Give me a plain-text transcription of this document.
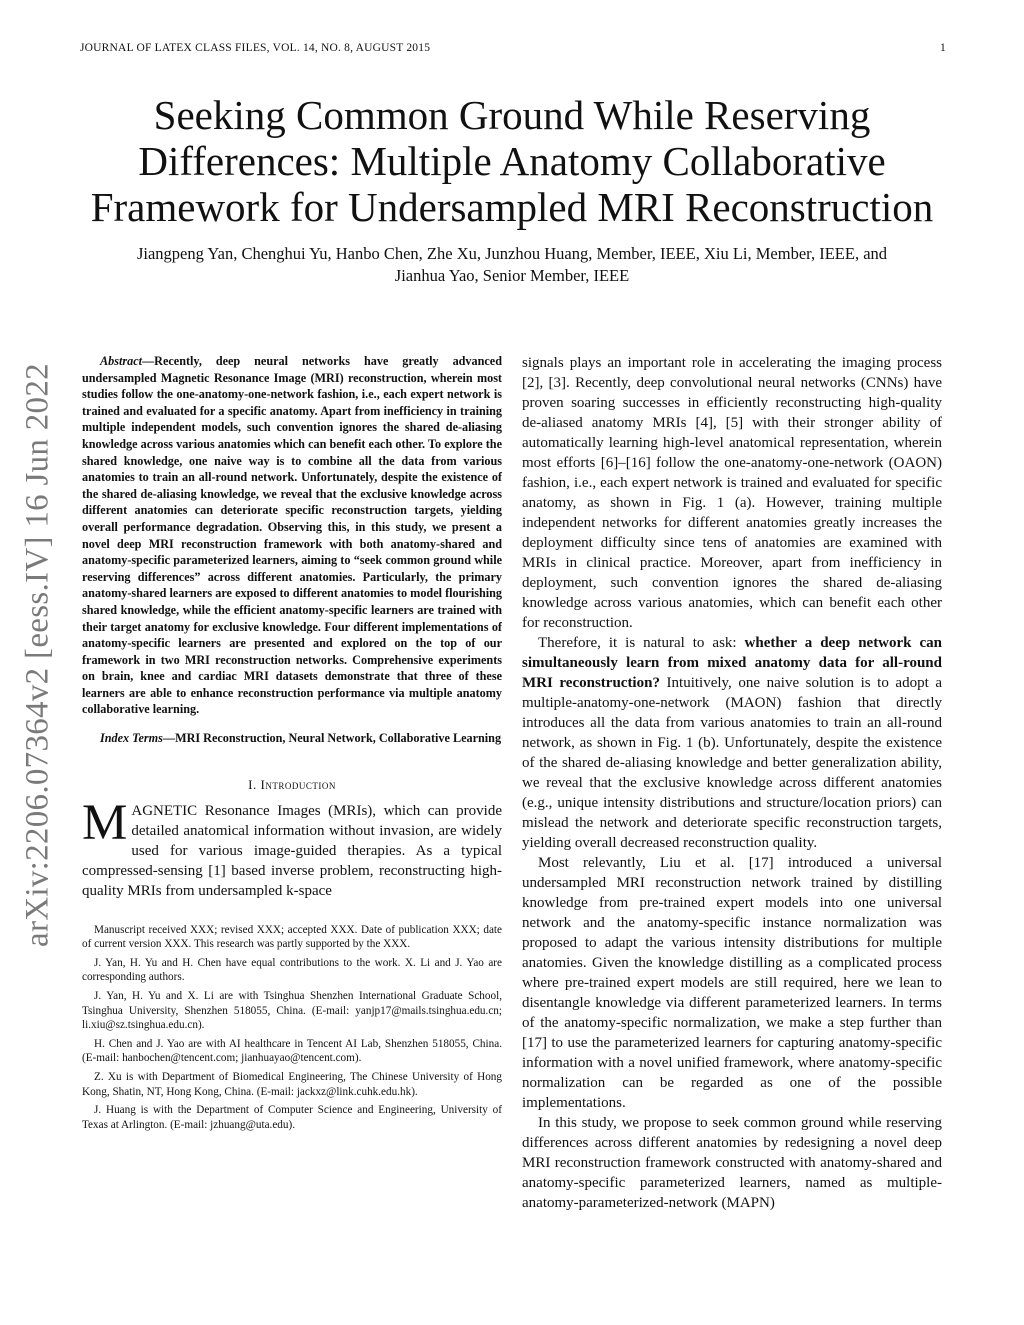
JOURNAL OF LATEX CLASS FILES, VOL. 14, NO. 8, AUGUST 2015	1
Seeking Common Ground While Reserving
Differences: Multiple Anatomy Collaborative
Framework for Undersampled MRI Reconstruction
Jiangpeng Yan, Chenghui Yu, Hanbo Chen, Zhe Xu, Junzhou Huang, Member, IEEE, Xiu Li, Member, IEEE, and
Jianhua Yao, Senior Member, IEEE
arXiv:2206.07364v2 [eess.IV] 16 Jun 2022

Abstract—Recently, deep neural networks have greatly advanced undersampled Magnetic Resonance Image (MRI) reconstruction, wherein most studies follow the one-anatomy-one-network fashion, i.e., each expert network is trained and evaluated for a specific anatomy. Apart from inefficiency in training multiple independent models, such convention ignores the shared de-aliasing knowledge across various anatomies which can benefit each other. To explore the shared knowledge, one naive way is to combine all the data from various anatomies to train an all-round network. Unfortunately, despite the existence of the shared de-aliasing knowledge, we reveal that the exclusive knowledge across different anatomies can deteriorate specific reconstruction targets, yielding overall performance degradation. Observing this, in this study, we present a novel deep MRI reconstruction framework with both anatomy-shared and anatomy-specific parameterized learners, aiming to “seek common ground while reserving differences” across different anatomies. Particularly, the primary anatomy-shared learners are exposed to different anatomies to model flourishing shared knowledge, while the efficient anatomy-specific learners are trained with their target anatomy for exclusive knowledge. Four different implementations of anatomy-specific learners are presented and explored on the top of our framework in two MRI reconstruction networks. Comprehensive experiments on brain, knee and cardiac MRI datasets demonstrate that three of these learners are able to enhance reconstruction performance via multiple anatomy collaborative learning.

Index Terms—MRI Reconstruction, Neural Network, Collaborative Learning

I. Introduction

MAGNETIC Resonance Images (MRIs), which can provide detailed anatomical information without invasion, are widely used for various image-guided therapies. As a typical compressed-sensing [1] based inverse problem, reconstructing high-quality MRIs from undersampled k-space

Manuscript received XXX; revised XXX; accepted XXX. Date of publication XXX; date of current version XXX. This research was partly supported by the XXX.

J. Yan, H. Yu and H. Chen have equal contributions to the work. X. Li and J. Yao are corresponding authors.

J. Yan, H. Yu and X. Li are with Tsinghua Shenzhen International Graduate School, Tsinghua University, Shenzhen 518055, China. (E-mail: yanjp17@mails.tsinghua.edu.cn; li.xiu@sz.tsinghua.edu.cn).

H. Chen and J. Yao are with AI healthcare in Tencent AI Lab, Shenzhen 518055, China. (E-mail: hanbochen@tencent.com; jianhuayao@tencent.com).

Z. Xu is with Department of Biomedical Engineering, The Chinese University of Hong Kong, Shatin, NT, Hong Kong, China. (E-mail: jackxz@link.cuhk.edu.hk).

J. Huang is with the Department of Computer Science and Engineering, University of Texas at Arlington. (E-mail: jzhuang@uta.edu).

signals plays an important role in accelerating the imaging process [2], [3]. Recently, deep convolutional neural networks (CNNs) have proven soaring successes in efficiently reconstructing high-quality de-aliased anatomy MRIs [4], [5] with their stronger ability of automatically learning high-level anatomical representation, wherein most efforts [6]–[16] follow the one-anatomy-one-network (OAON) fashion, i.e., each expert network is trained and evaluated for specific anatomy, as shown in Fig. 1 (a). However, training multiple independent networks for different anatomies greatly increases the deployment difficulty since tens of anatomies are examined with MRIs in clinical practice. Moreover, apart from inefficiency in deployment, such convention ignores the shared de-aliasing knowledge across various anatomies, which can benefit each other for reconstruction.

Therefore, it is natural to ask: whether a deep network can simultaneously learn from mixed anatomy data for all-round MRI reconstruction? Intuitively, one naive solution is to adopt a multiple-anatomy-one-network (MAON) fashion that directly introduces all the data from various anatomies to train an all-round network, as shown in Fig. 1 (b). Unfortunately, despite the existence of the shared de-aliasing knowledge and better generalization ability, we reveal that the exclusive knowledge across different anatomies (e.g., unique intensity distributions and structure/location priors) can mislead the network and deteriorate specific reconstruction targets, yielding overall decreased reconstruction quality.

Most relevantly, Liu et al. [17] introduced a universal undersampled MRI reconstruction network trained by distilling knowledge from pre-trained expert models into one universal network and the anatomy-specific instance normalization was proposed to adapt the various intensity distributions for multiple anatomies. Given the knowledge distilling as a complicated process where pre-trained expert models are still required, here we lean to disentangle knowledge via different parameterized learners. In terms of the anatomy-specific normalization, we make a step further than [17] to use the parameterized learners for capturing anatomy-specific information with a novel unified framework, where anatomy-specific normalization can be regarded as one of the possible implementations.

In this study, we propose to seek common ground while reserving differences across different anatomies by redesigning a novel deep MRI reconstruction framework constructed with anatomy-shared and anatomy-specific parameterized learners, named as multiple-anatomy-parameterized-network (MAPN)
